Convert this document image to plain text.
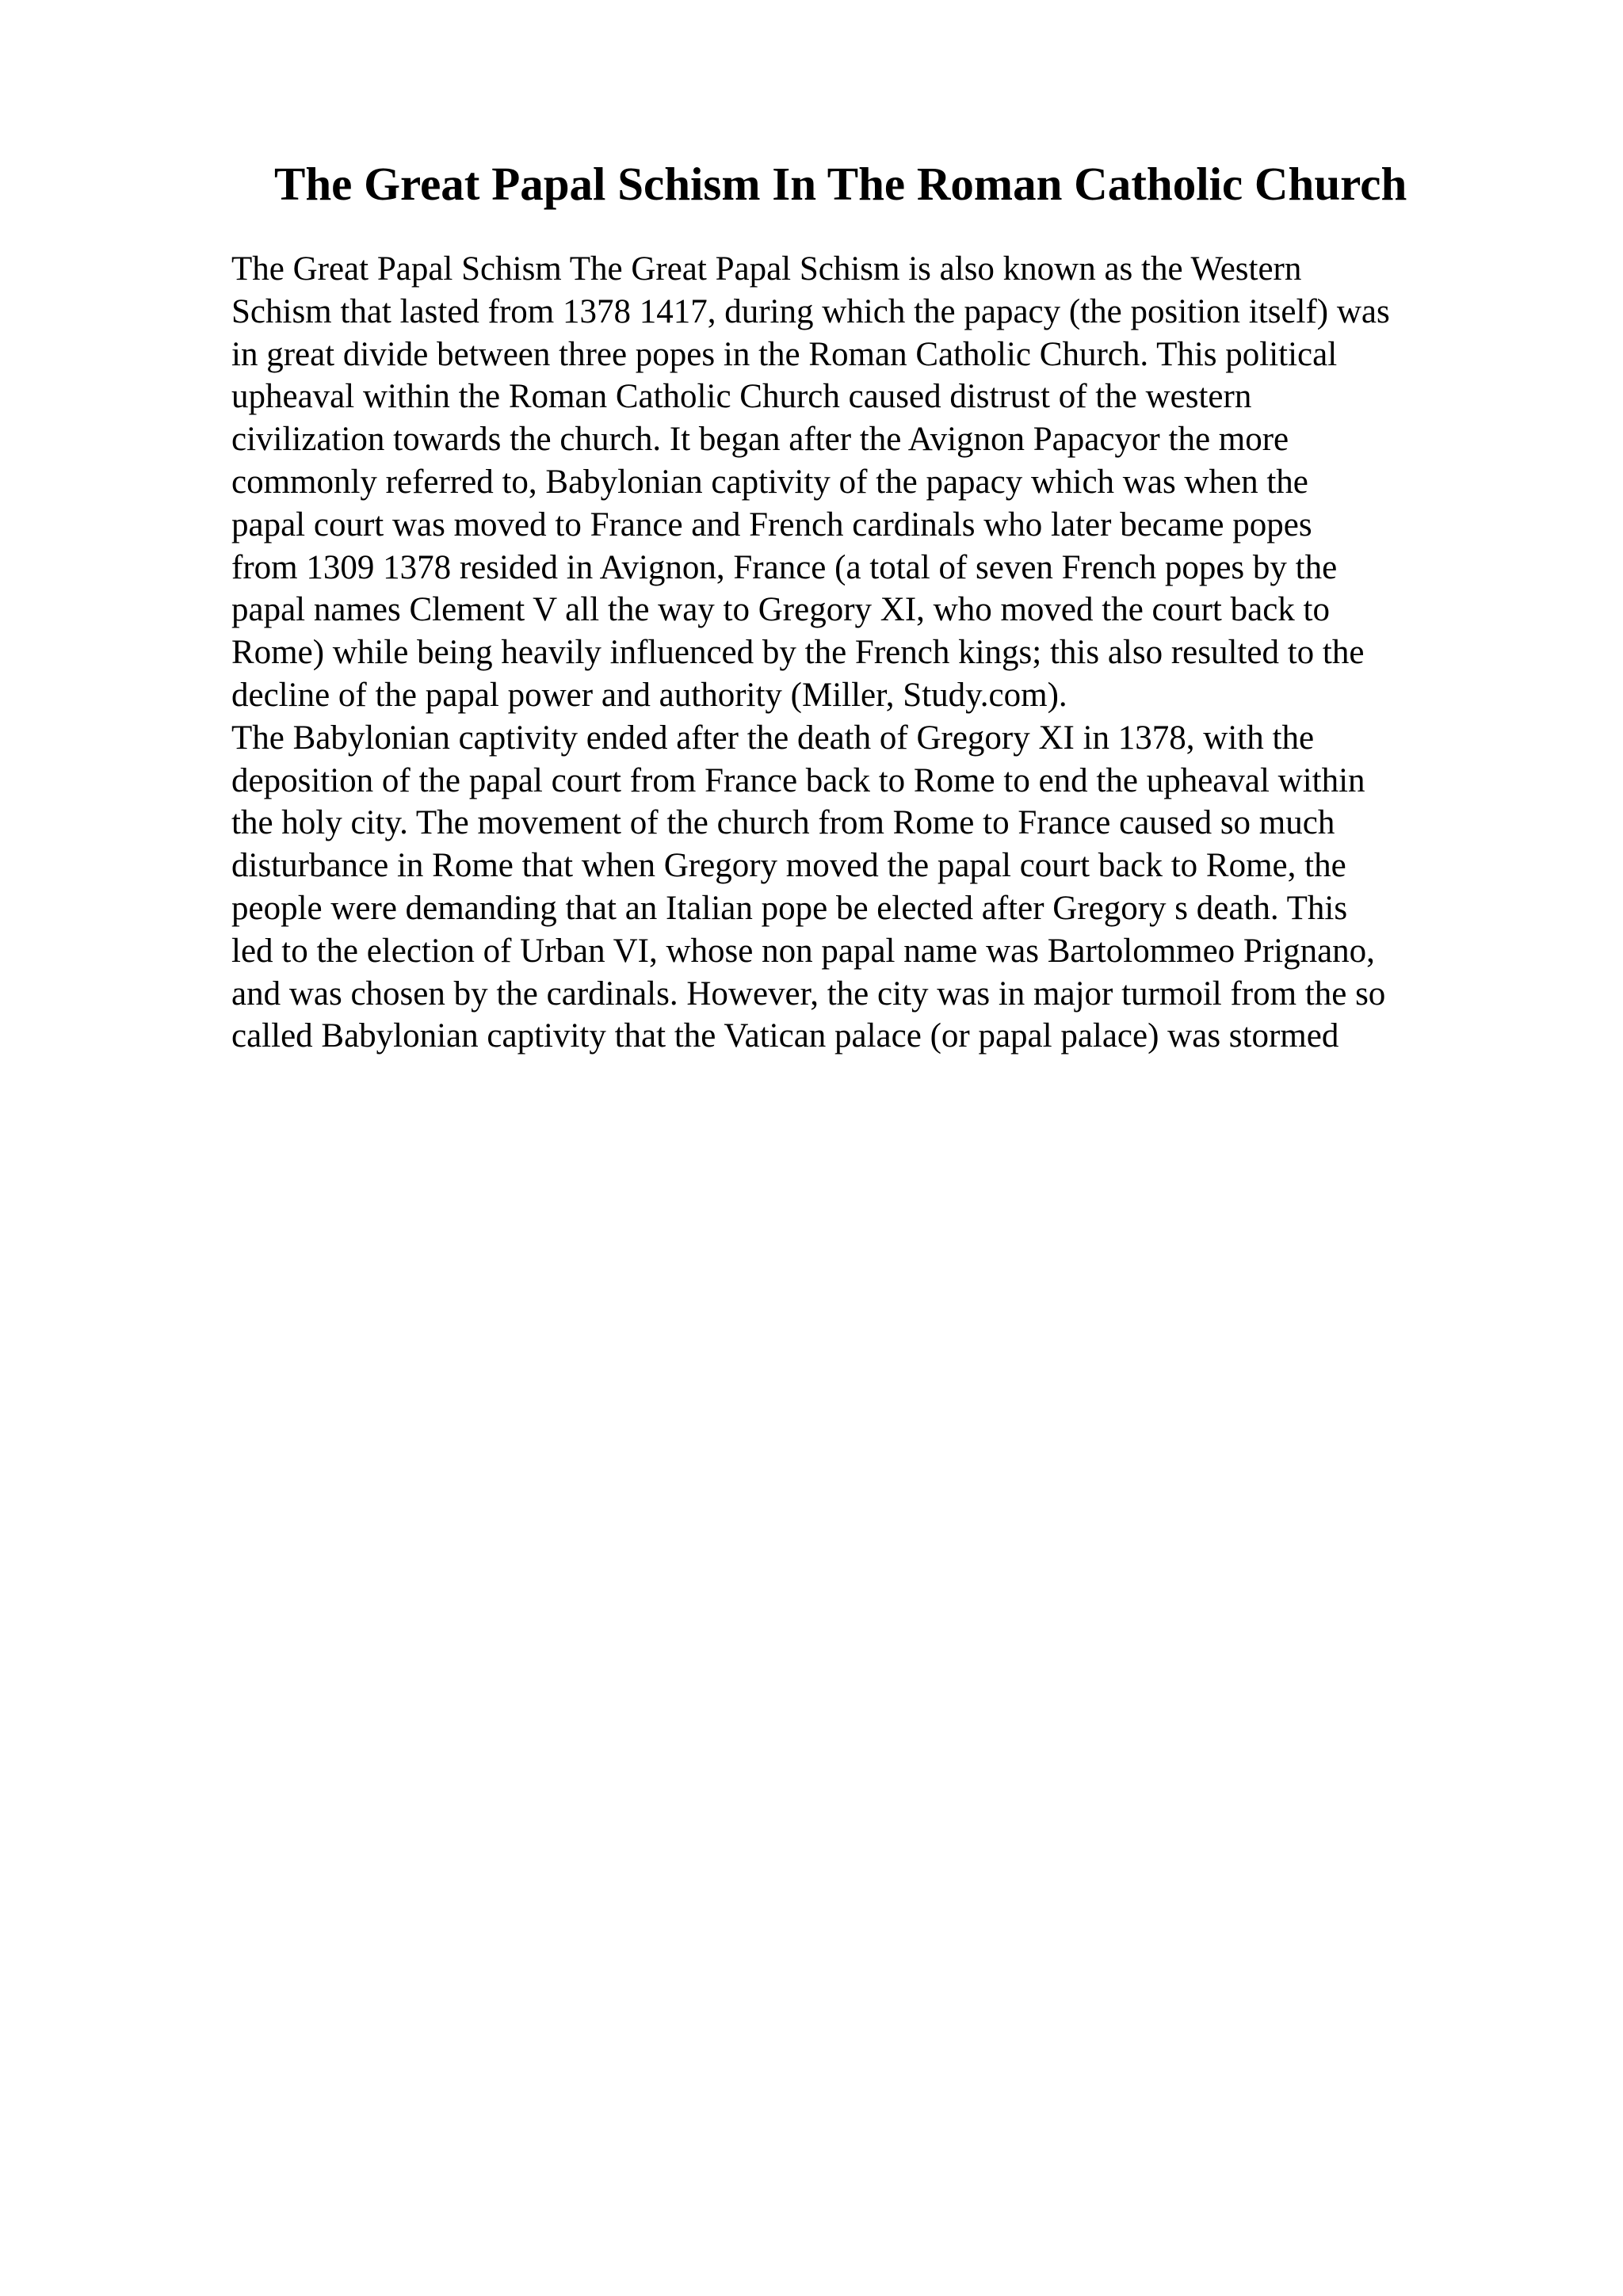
The Great Papal Schism In The Roman Catholic Church
The Great Papal Schism The Great Papal Schism is also known as the Western
Schism that lasted from 1378 1417, during which the papacy (the position itself) was
in great divide between three popes in the Roman Catholic Church. This political
upheaval within the Roman Catholic Church caused distrust of the western
civilization towards the church. It began after the Avignon Papacyor the more
commonly referred to, Babylonian captivity of the papacy which was when the
papal court was moved to France and French cardinals who later became popes
from 1309 1378 resided in Avignon, France (a total of seven French popes by the
papal names Clement V all the way to Gregory XI, who moved the court back to
Rome) while being heavily influenced by the French kings; this also resulted to the
decline of the papal power and authority (Miller, Study.com).
The Babylonian captivity ended after the death of Gregory XI in 1378, with the
deposition of the papal court from France back to Rome to end the upheaval within
the holy city. The movement of the church from Rome to France caused so much
disturbance in Rome that when Gregory moved the papal court back to Rome, the
people were demanding that an Italian pope be elected after Gregory s death. This
led to the election of Urban VI, whose non papal name was Bartolommeo Prignano,
and was chosen by the cardinals. However, the city was in major turmoil from the so
called Babylonian captivity that the Vatican palace (or papal palace) was stormed
